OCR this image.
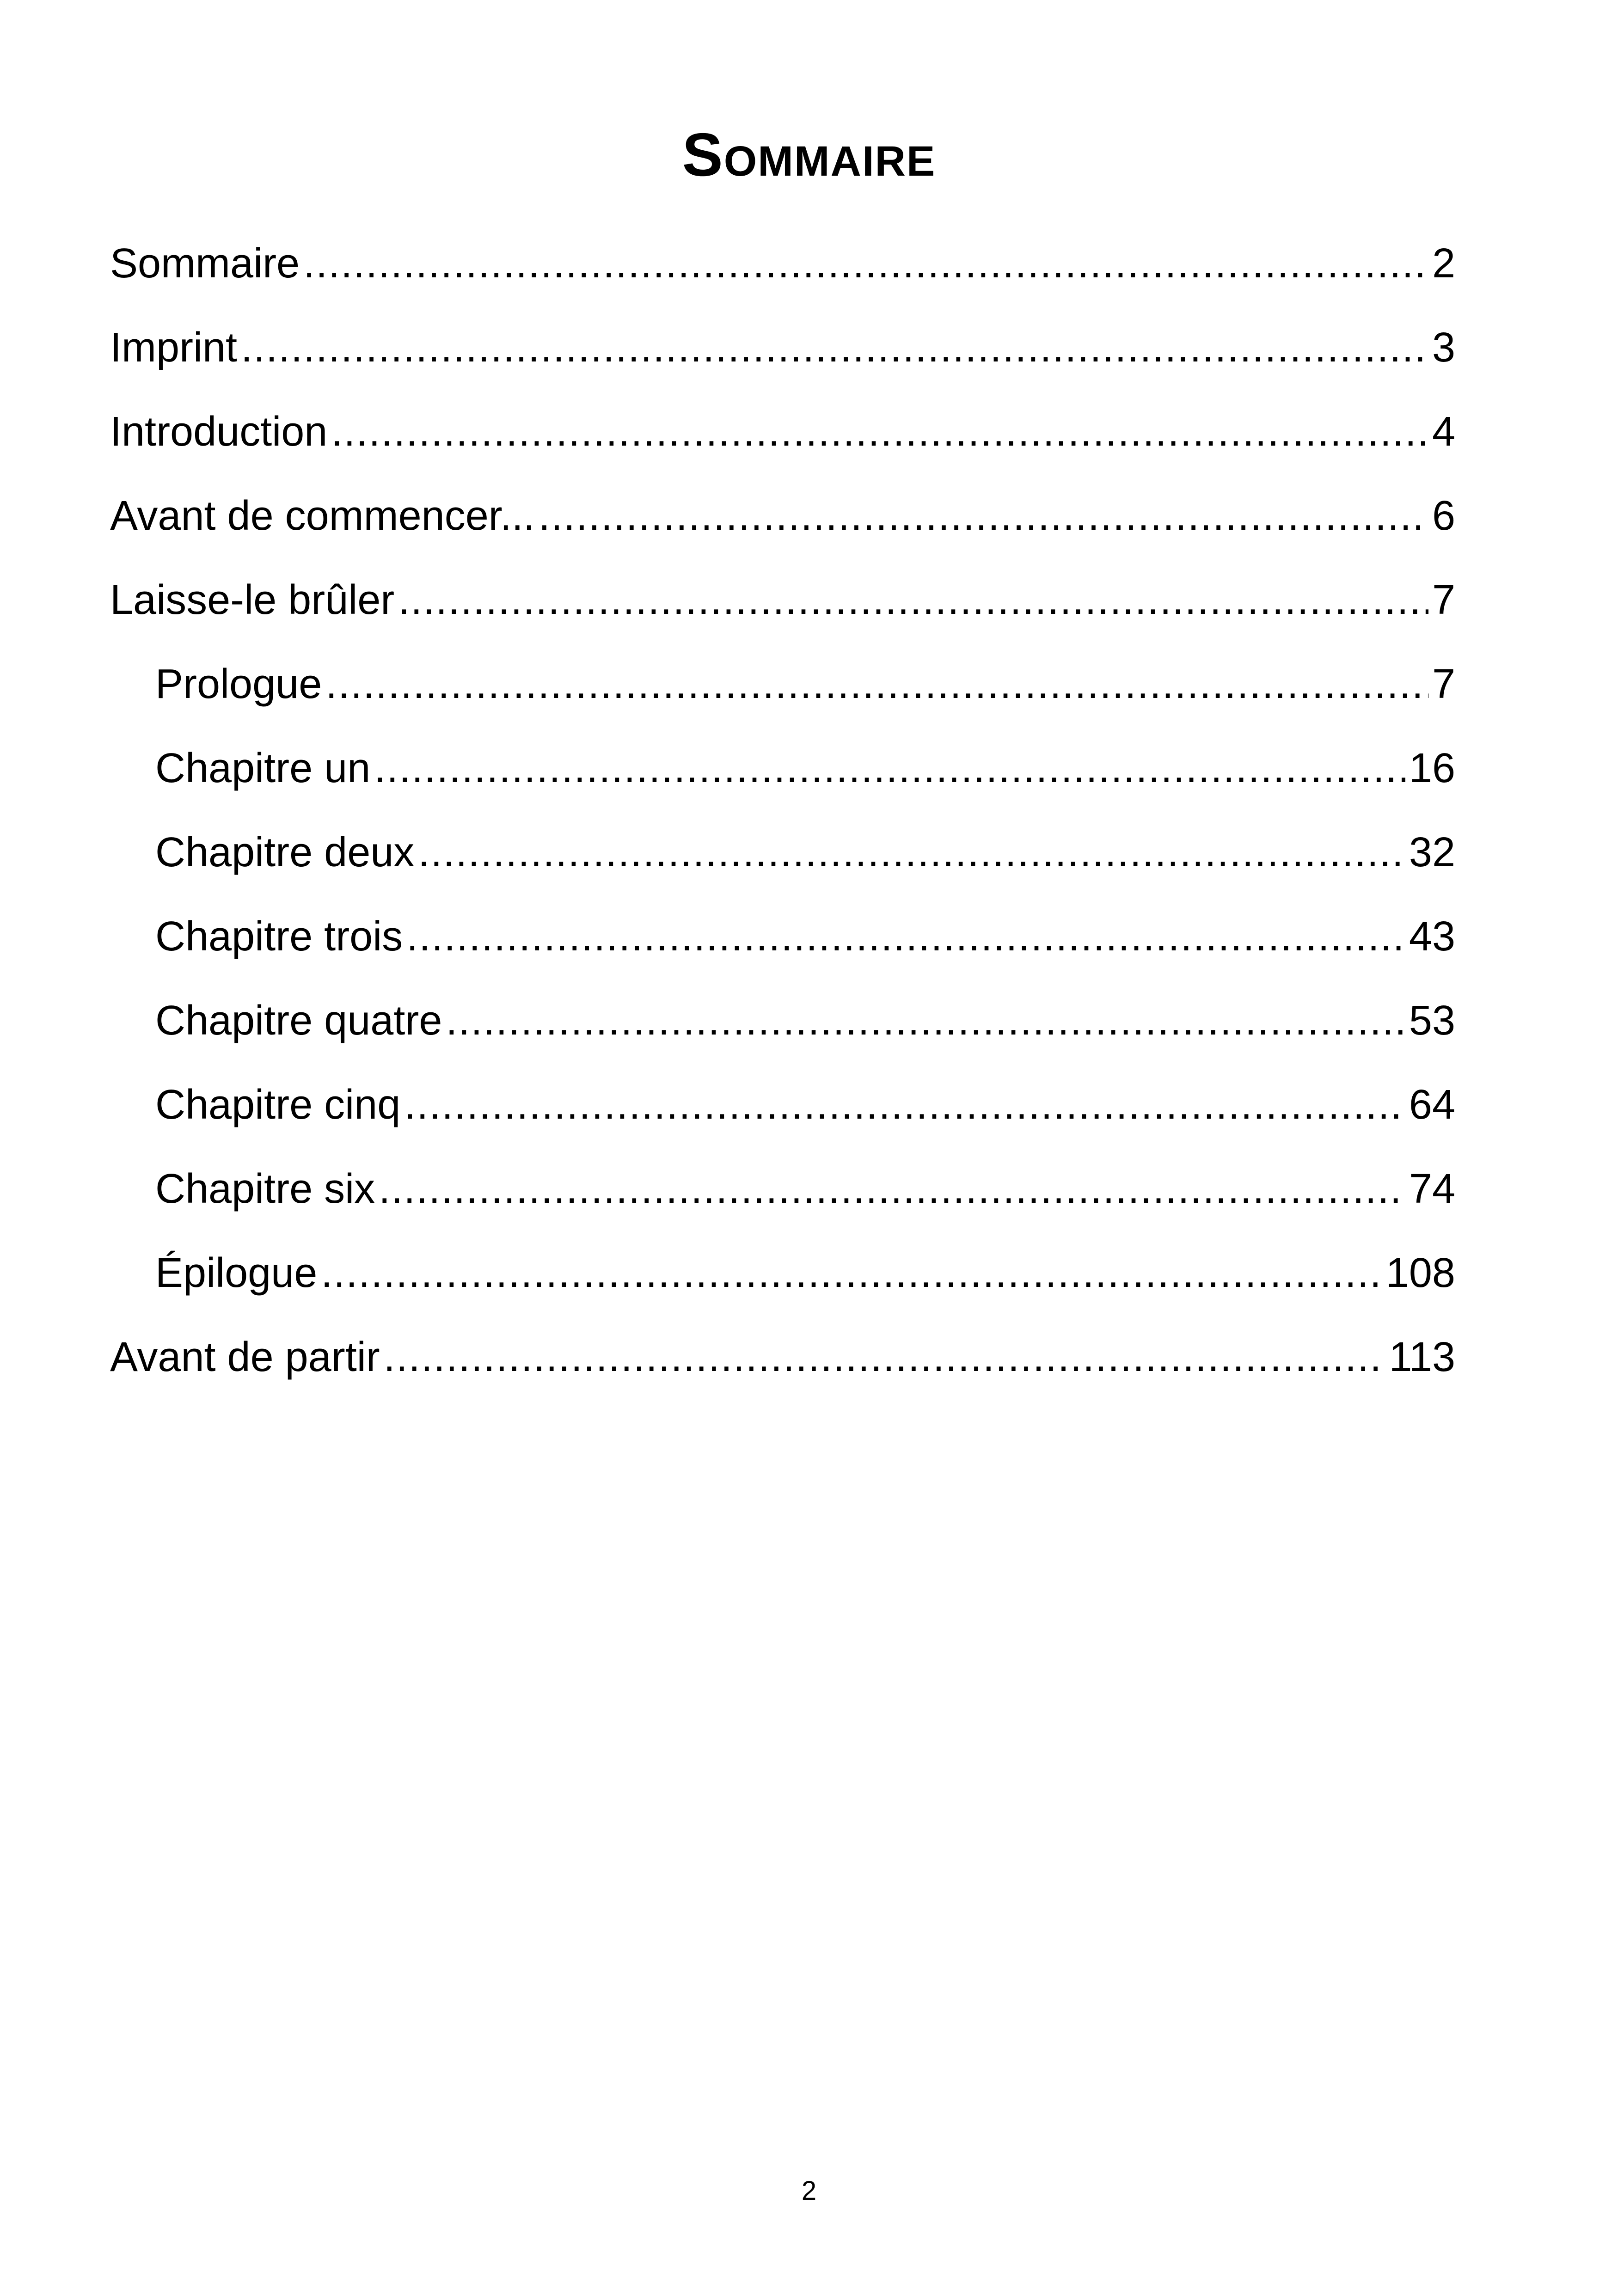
Sommaire
Sommaire .....	2
Imprint .....	3
Introduction .....	4
Avant de commencer... .....	6
Laisse-le brûler .....	7
Prologue .....	7
Chapitre un .....	16
Chapitre deux .....	32
Chapitre trois .....	43
Chapitre quatre .....	53
Chapitre cinq .....	64
Chapitre six .....	74
Épilogue .....	108
Avant de partir .....	113
2
